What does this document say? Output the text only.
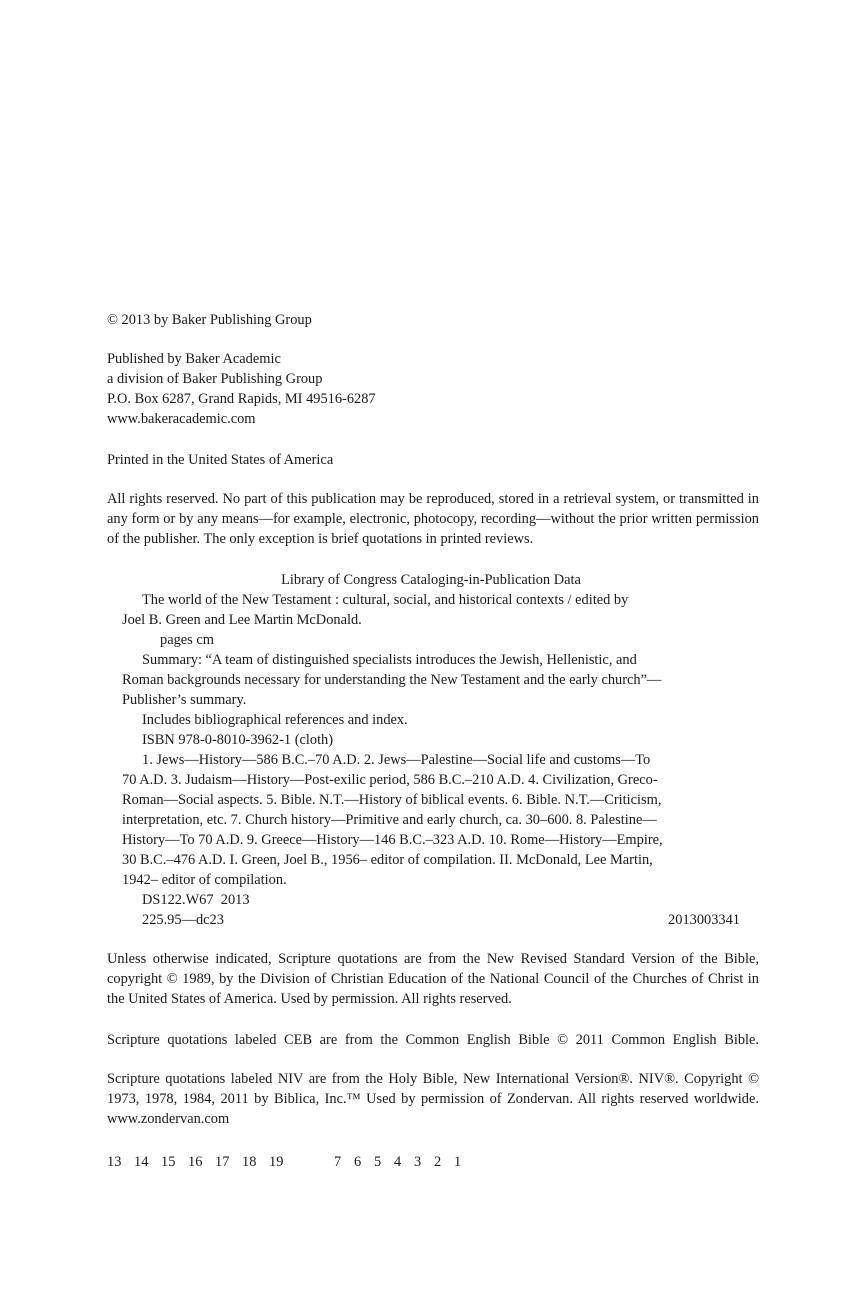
© 2013 by Baker Publishing Group

Published by Baker Academic

a division of Baker Publishing Group

P.O. Box 6287, Grand Rapids, MI 49516-6287

www.bakeracademic.com

Printed in the United States of America

All rights reserved. No part of this publication may be reproduced, stored in a retrieval system, or transmitted in any form or by any means—for example, electronic, photocopy, recording—without the prior written permission of the publisher. The only exception is brief quotations in printed reviews.

Library of Congress Cataloging-in-Publication Data

The world of the New Testament : cultural, social, and historical contexts / edited by

Joel B. Green and Lee Martin McDonald.

pages cm

Summary: “A team of distinguished specialists introduces the Jewish, Hellenistic, and

Roman backgrounds necessary for understanding the New Testament and the early church”—

Publisher’s summary.

Includes bibliographical references and index.

ISBN 978-0-8010-3962-1 (cloth)

1. Jews—History—586 B.C.–70 A.D. 2. Jews—Palestine—Social life and customs—To

70 A.D. 3. Judaism—History—Post-exilic period, 586 B.C.–210 A.D. 4. Civilization, Greco-

Roman—Social aspects. 5. Bible. N.T.—History of biblical events. 6. Bible. N.T.—Criticism,

interpretation, etc. 7. Church history—Primitive and early church, ca. 30–600. 8. Palestine—

History—To 70 A.D. 9. Greece—History—146 B.C.–323 A.D. 10. Rome—History—Empire,

30 B.C.–476 A.D. I. Green, Joel B., 1956– editor of compilation. II. McDonald, Lee Martin,

1942– editor of compilation.

DS122.W67  2013

225.95—dc23	2013003341

Unless otherwise indicated, Scripture quotations are from the New Revised Standard Version of the Bible, copyright © 1989, by the Division of Christian Education of the National Council of the Churches of Christ in the United States of America. Used by permission. All rights reserved.

Scripture quotations labeled CEB are from the Common English Bible © 2011 Common English Bible.

Scripture quotations labeled NIV are from the Holy Bible, New International Version®. NIV®. Copyright © 1973, 1978, 1984, 2011 by Biblica, Inc.™ Used by permission of Zondervan. All rights reserved worldwide. www.zondervan.com

13 14 15 16 17 18 19	7 6 5 4 3 2 1
